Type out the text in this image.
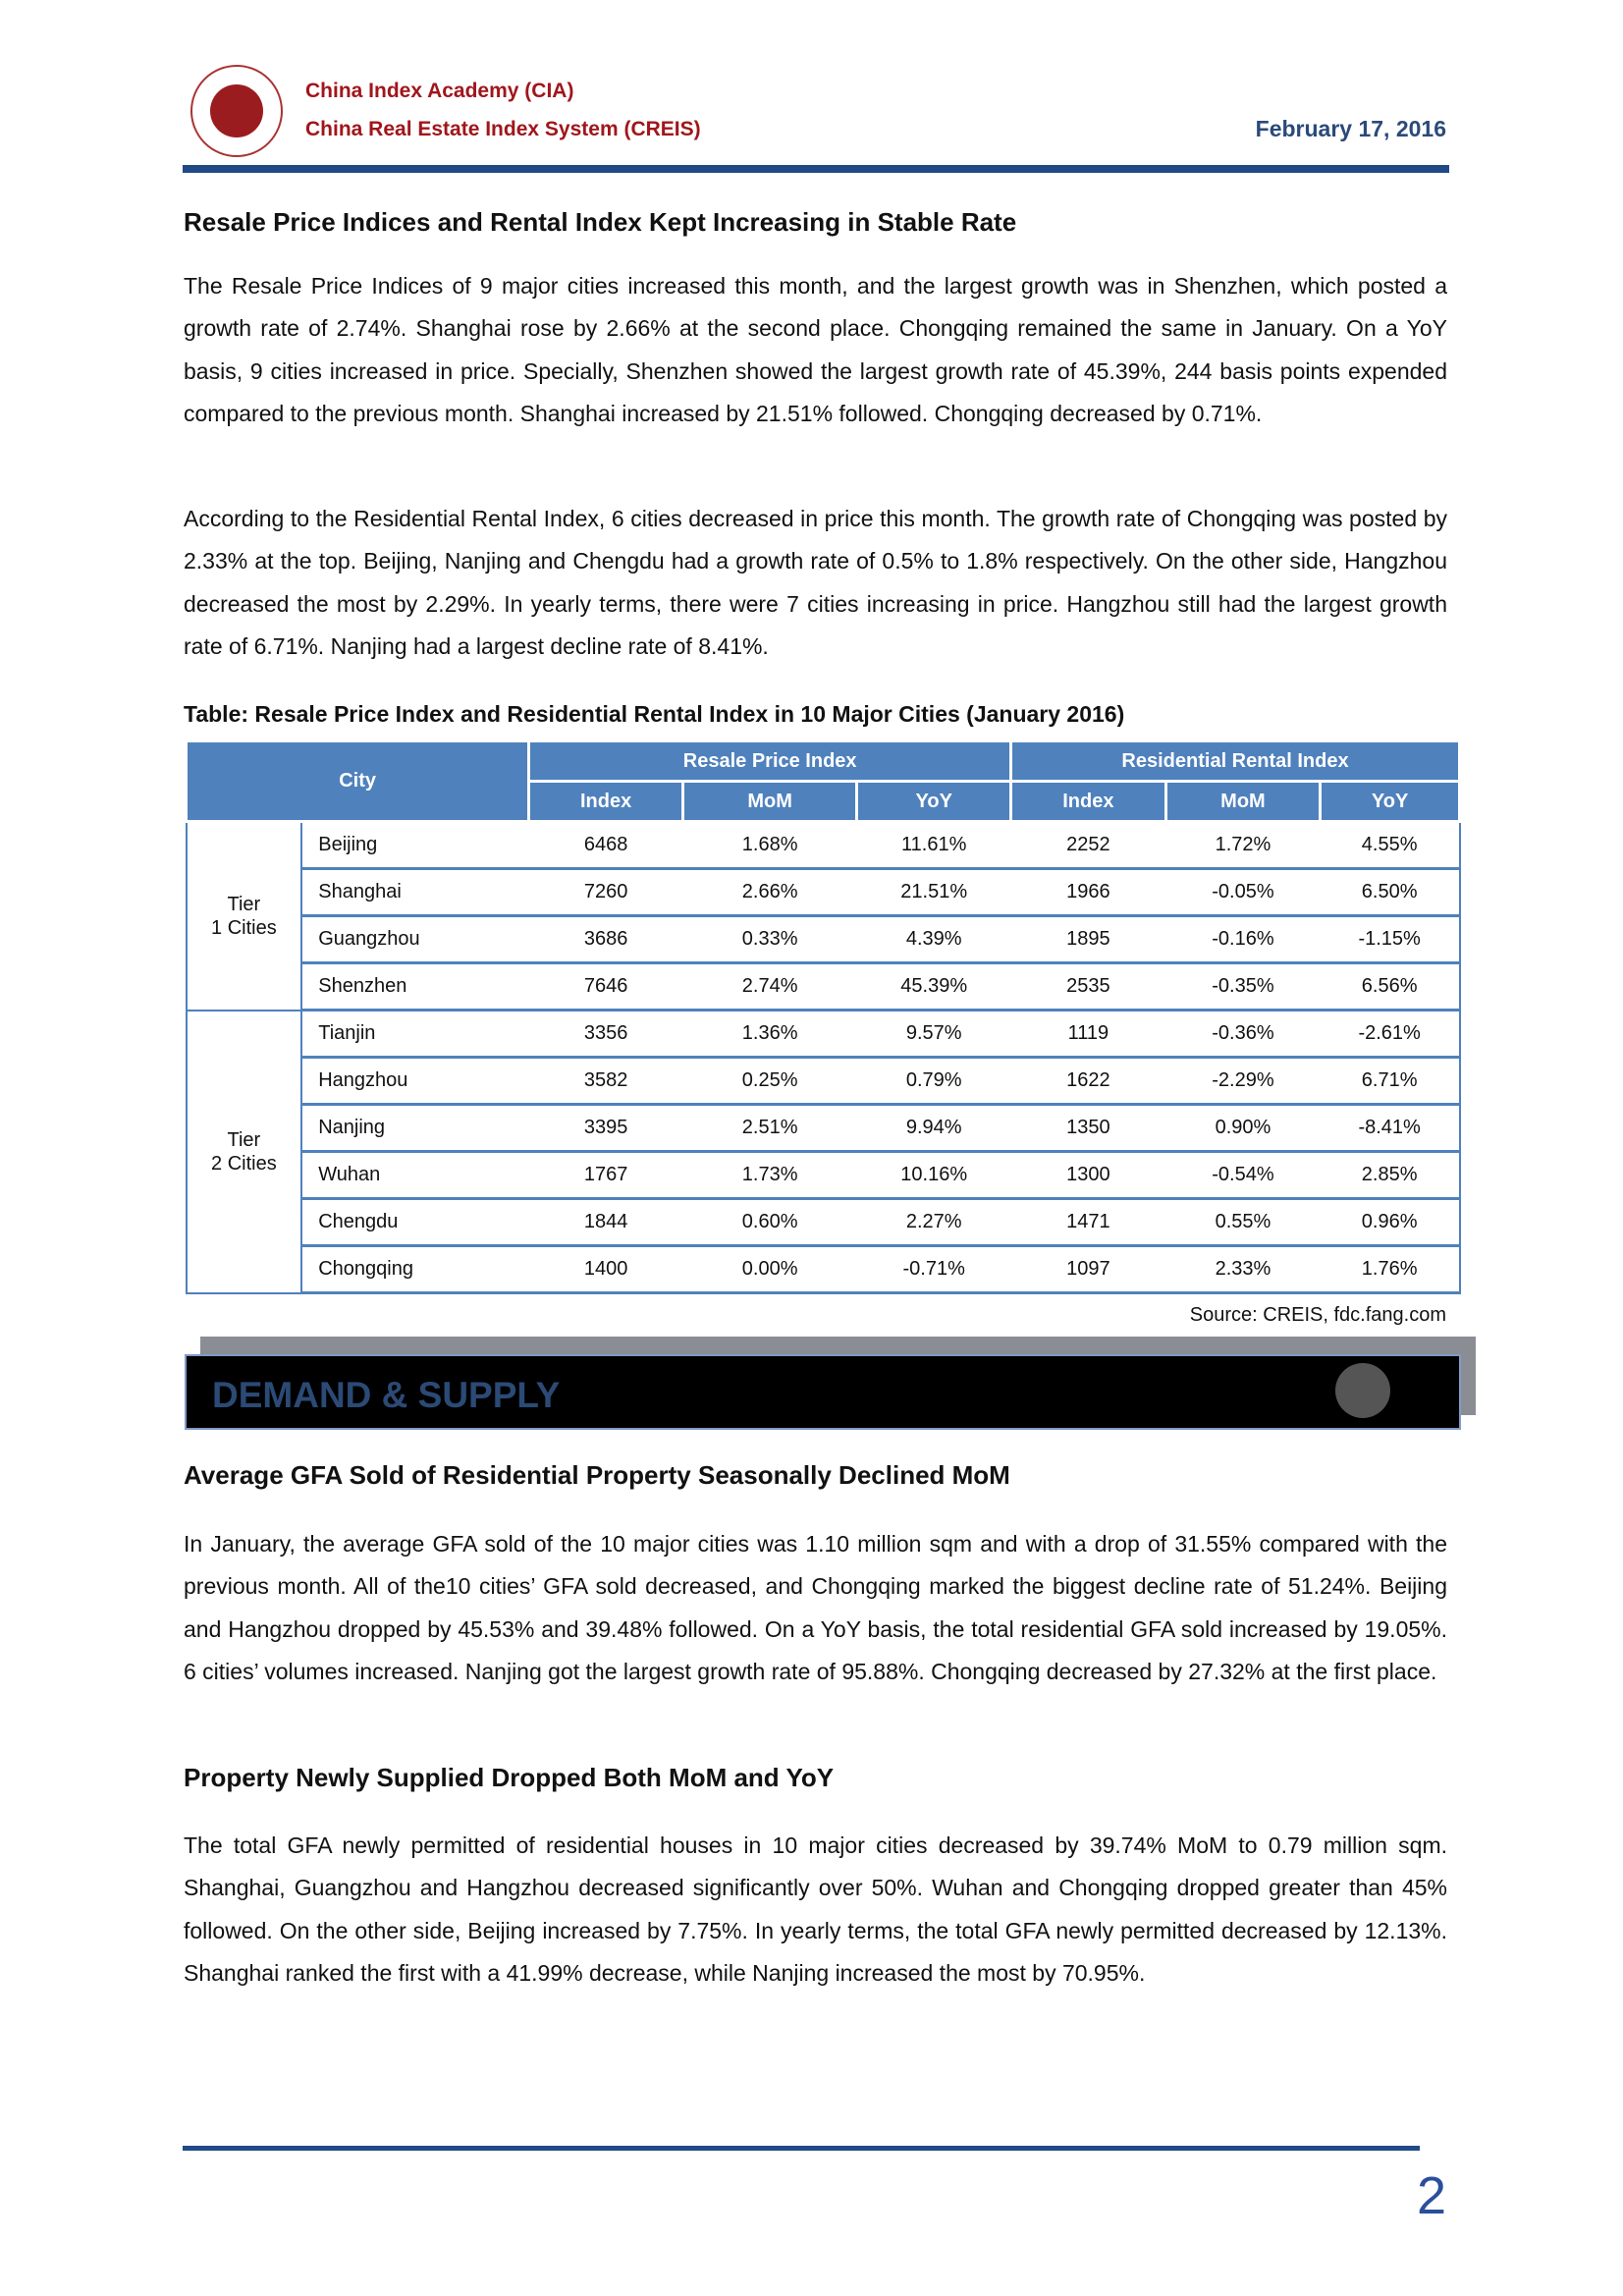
China Index Academy (CIA)
China Real Estate Index System (CREIS)	February 17, 2016
Resale Price Indices and Rental Index Kept Increasing in Stable Rate

The Resale Price Indices of 9 major cities increased this month, and the largest growth was in Shenzhen, which posted a growth rate of 2.74%. Shanghai rose by 2.66% at the second place. Chongqing remained the same in January. On a YoY basis, 9 cities increased in price. Specially, Shenzhen showed the largest growth rate of 45.39%, 244 basis points expended compared to the previous month. Shanghai increased by 21.51% followed. Chongqing decreased by 0.71%.

According to the Residential Rental Index, 6 cities decreased in price this month. The growth rate of Chongqing was posted by 2.33% at the top. Beijing, Nanjing and Chengdu had a growth rate of 0.5% to 1.8% respectively. On the other side, Hangzhou decreased the most by 2.29%. In yearly terms, there were 7 cities increasing in price. Hangzhou still had the largest growth rate of 6.71%. Nanjing had a largest decline rate of 8.41%.

Table: Resale Price Index and Residential Rental Index in 10 Major Cities (January 2016)
City		Resale Price Index			Residential Rental Index		
		Index	MoM	YoY	Index	MoM	YoY
Tier
1 Cities	Beijing	6468	1.68%	11.61%	2252	1.72%	4.55%
	Shanghai	7260	2.66%	21.51%	1966	-0.05%	6.50%
	Guangzhou	3686	0.33%	4.39%	1895	-0.16%	-1.15%
	Shenzhen	7646	2.74%	45.39%	2535	-0.35%	6.56%
Tier
2 Cities	Tianjin	3356	1.36%	9.57%	1119	-0.36%	-2.61%
	Hangzhou	3582	0.25%	0.79%	1622	-2.29%	6.71%
	Nanjing	3395	2.51%	9.94%	1350	0.90%	-8.41%
	Wuhan	1767	1.73%	10.16%	1300	-0.54%	2.85%
	Chengdu	1844	0.60%	2.27%	1471	0.55%	0.96%
	Chongqing	1400	0.00%	-0.71%	1097	2.33%	1.76%
Source: CREIS, fdc.fang.com
DEMAND & SUPPLY
Average GFA Sold of Residential Property Seasonally Declined MoM

In January, the average GFA sold of the 10 major cities was 1.10 million sqm and with a drop of 31.55% compared with the previous month. All of the10 cities’ GFA sold decreased, and Chongqing marked the biggest decline rate of 51.24%. Beijing and Hangzhou dropped by 45.53% and 39.48% followed. On a YoY basis, the total residential GFA sold increased by 19.05%. 6 cities’ volumes increased. Nanjing got the largest growth rate of 95.88%. Chongqing decreased by 27.32% at the first place.

Property Newly Supplied Dropped Both MoM and YoY

The total GFA newly permitted of residential houses in 10 major cities decreased by 39.74% MoM to 0.79 million sqm. Shanghai, Guangzhou and Hangzhou decreased significantly over 50%. Wuhan and Chongqing dropped greater than 45% followed. On the other side, Beijing increased by 7.75%. In yearly terms, the total GFA newly permitted decreased by 12.13%. Shanghai ranked the first with a 41.99% decrease, while Nanjing increased the most by 70.95%.

2
